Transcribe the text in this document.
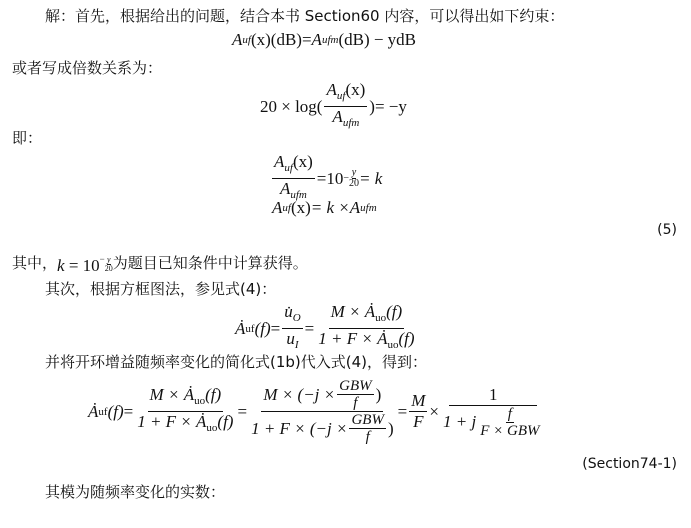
解：首先，根据给出的问题，结合本书 Section60 内容，可以得出如下约束：
A uf (x) (dB) = A ufm (dB) − ydB
或者写成倍数关系为：
$20 \times \log( \frac{A_{uf}(x)}{A_{ufm}}$ ) = −y
即：
$\frac{A_{uf}(x)}{A_{ufm}} = 10 - \frac{y}{20} = k$
A uf (x) = k × A ufm
(5)
其中， $k = 10^- \frac{y}{20}$ 为题目已知条件中计算获得。
其次，根据方框图法，参见式(4)：
Ȧ uf $(f) = \frac{u̇_O}{u_I} = \frac{M \times Ȧ_{uo}(f)}{1 + F \times Ȧ_{uo}(f)}$
并将开环增益随频率变化的简化式(1b)代入式(4)，得到：
Ȧ uf $(f) = \frac{M \times Ȧ_{uo}(f)}{1 + F \times Ȧ_{uo}(f)} = \frac{M \times (-j \times \frac{\text{GBW}}{f} )}{1 + F \times (-j \times \frac{\text{GBW}}{f} )} = \frac{M}{F} \times \frac{1}{1 + j \frac{f}{\text{F × GBW}}}$
(Section74-1)
其模为随频率变化的实数：
